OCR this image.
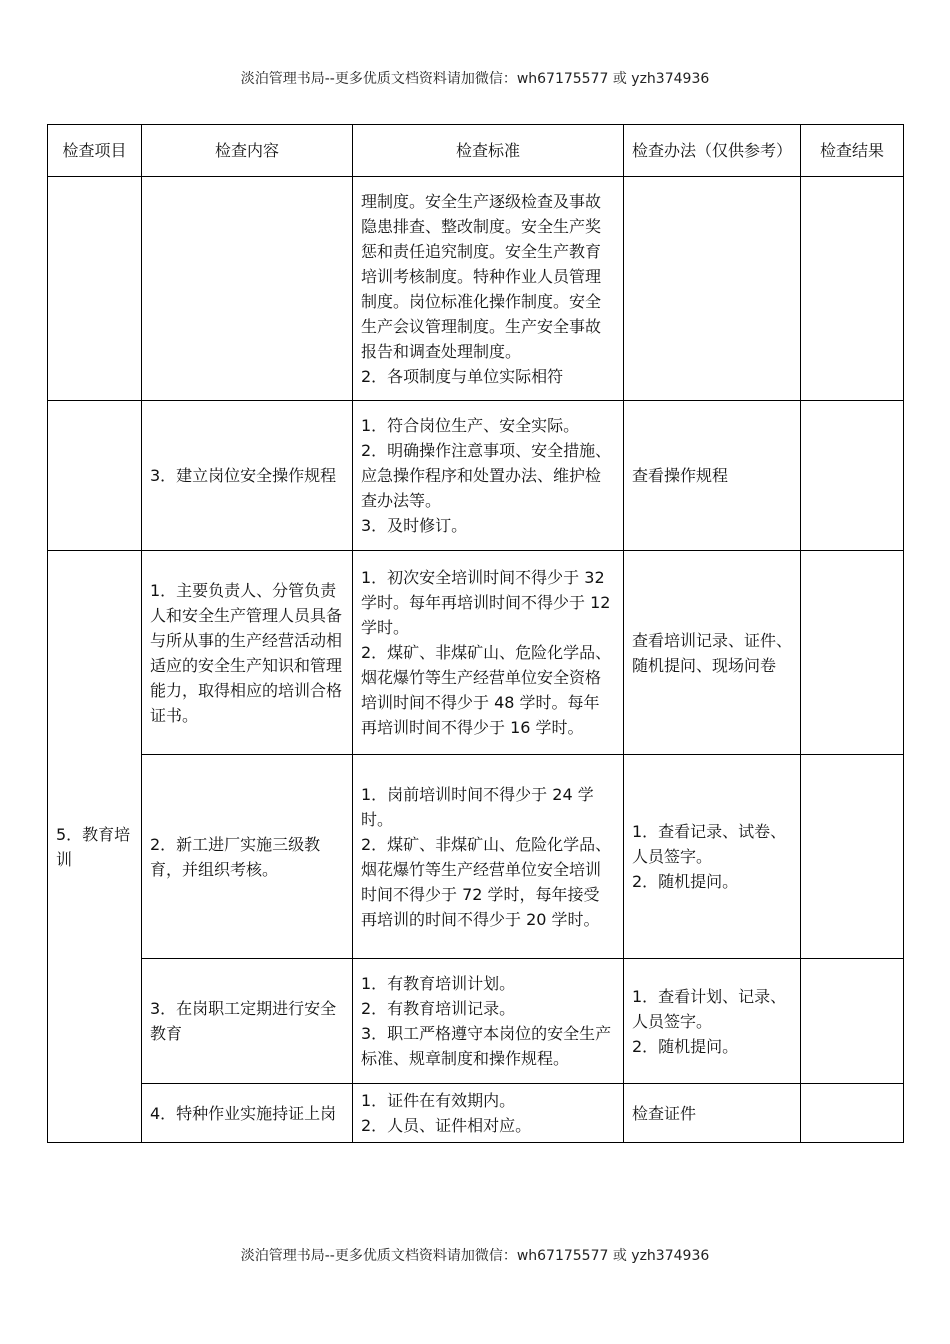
淡泊管理书局--更多优质文档资料请加微信：wh67175577 或 yzh374936
检查项目	检查内容	检查标准	检查办法（仅供参考）	检查结果

		理制度。安全生产逐级检查及事故隐患排查、整改制度。安全生产奖惩和责任追究制度。安全生产教育培训考核制度。特种作业人员管理制度。岗位标准化操作制度。安全生产会议管理制度。生产安全事故报告和调查处理制度。
2．各项制度与单位实际相符		

	3．建立岗位安全操作规程	1．符合岗位生产、安全实际。
2．明确操作注意事项、安全措施、应急操作程序和处置办法、维护检查办法等。
3．及时修订。	查看操作规程	

5．教育培训	1．主要负责人、分管负责人和安全生产管理人员具备与所从事的生产经营活动相适应的安全生产知识和管理能力，取得相应的培训合格证书。	1．初次安全培训时间不得少于 32 学时。每年再培训时间不得少于 12 学时。
2．煤矿、非煤矿山、危险化学品、烟花爆竹等生产经营单位安全资格培训时间不得少于 48 学时。每年再培训时间不得少于 16 学时。	查看培训记录、证件、随机提问、现场问卷	

	2．新工进厂实施三级教育，并组织考核。	1．岗前培训时间不得少于 24 学时。
2．煤矿、非煤矿山、危险化学品、烟花爆竹等生产经营单位安全培训时间不得少于 72 学时，每年接受再培训的时间不得少于 20 学时。	1．查看记录、试卷、人员签字。
2．随机提问。	

	3．在岗职工定期进行安全教育	1．有教育培训计划。
2．有教育培训记录。
3．职工严格遵守本岗位的安全生产标准、规章制度和操作规程。	1．查看计划、记录、人员签字。
2．随机提问。	

	4．特种作业实施持证上岗	1．证件在有效期内。
2．人员、证件相对应。	检查证件	

淡泊管理书局--更多优质文档资料请加微信：wh67175577 或 yzh374936
